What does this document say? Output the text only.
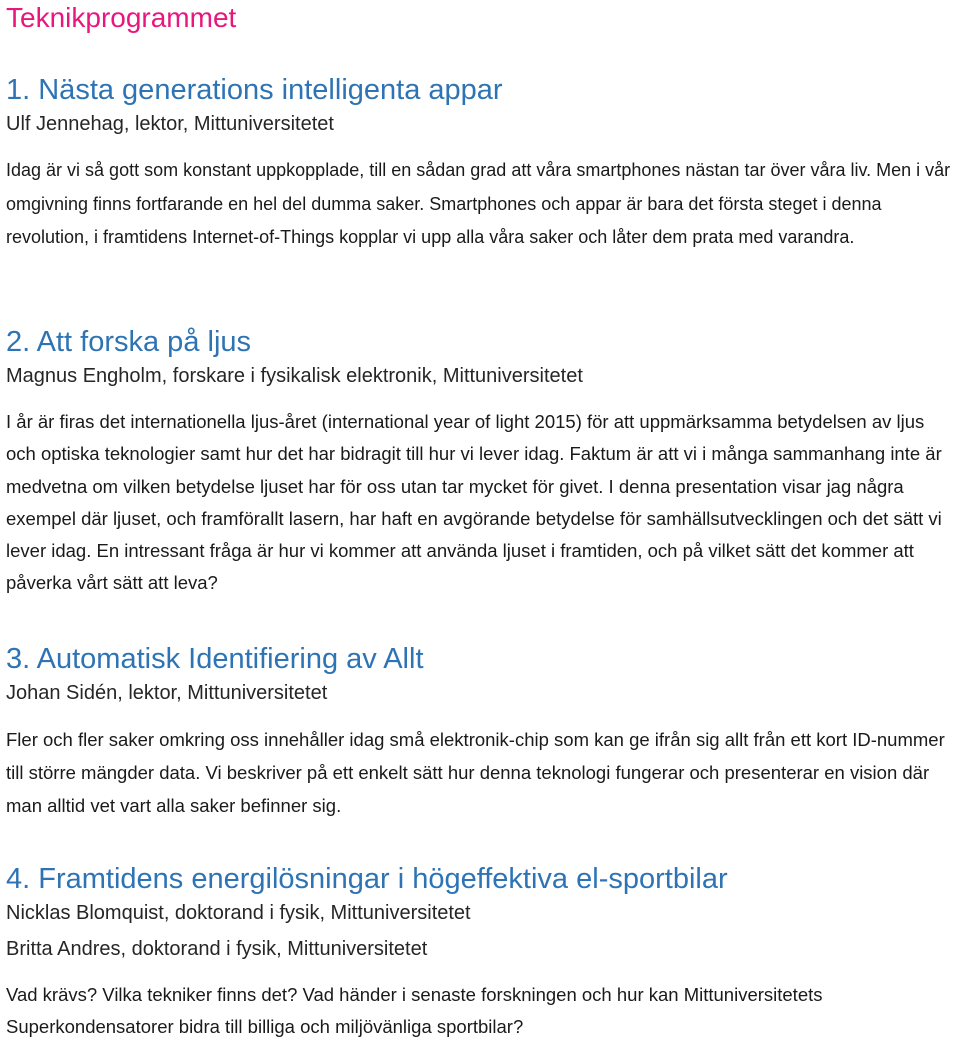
Teknikprogrammet
1. Nästa generations intelligenta appar

Ulf Jennehag, lektor, Mittuniversitetet

Idag är vi så gott som konstant uppkopplade, till en sådan grad att våra smartphones nästan tar över våra liv. Men i vår omgivning finns fortfarande en hel del dumma saker. Smartphones och appar är bara det första steget i denna revolution, i framtidens Internet-of-Things kopplar vi upp alla våra saker och låter dem prata med varandra.

2. Att forska på ljus

Magnus Engholm, forskare i fysikalisk elektronik, Mittuniversitetet

I år är firas det internationella ljus-året (international year of light 2015) för att uppmärksamma betydelsen av ljus och optiska teknologier samt hur det har bidragit till hur vi lever idag. Faktum är att vi i många sammanhang inte är medvetna om vilken betydelse ljuset har för oss utan tar mycket för givet. I denna presentation visar jag några exempel där ljuset, och framförallt lasern, har haft en avgörande betydelse för samhällsutvecklingen och det sätt vi lever idag. En intressant fråga är hur vi kommer att använda ljuset i framtiden, och på vilket sätt det kommer att påverka vårt sätt att leva?

3. Automatisk Identifiering av Allt

Johan Sidén, lektor, Mittuniversitetet

Fler och fler saker omkring oss innehåller idag små elektronik-chip som kan ge ifrån sig allt från ett kort ID-nummer till större mängder data. Vi beskriver på ett enkelt sätt hur denna teknologi fungerar och presenterar en vision där man alltid vet vart alla saker befinner sig.

4. Framtidens energilösningar i högeffektiva el-sportbilar

Nicklas Blomquist, doktorand i fysik, Mittuniversitetet

Britta Andres, doktorand i fysik, Mittuniversitetet

Vad krävs? Vilka tekniker finns det? Vad händer i senaste forskningen och hur kan Mittuniversitetets Superkondensatorer bidra till billiga och miljövänliga sportbilar?
